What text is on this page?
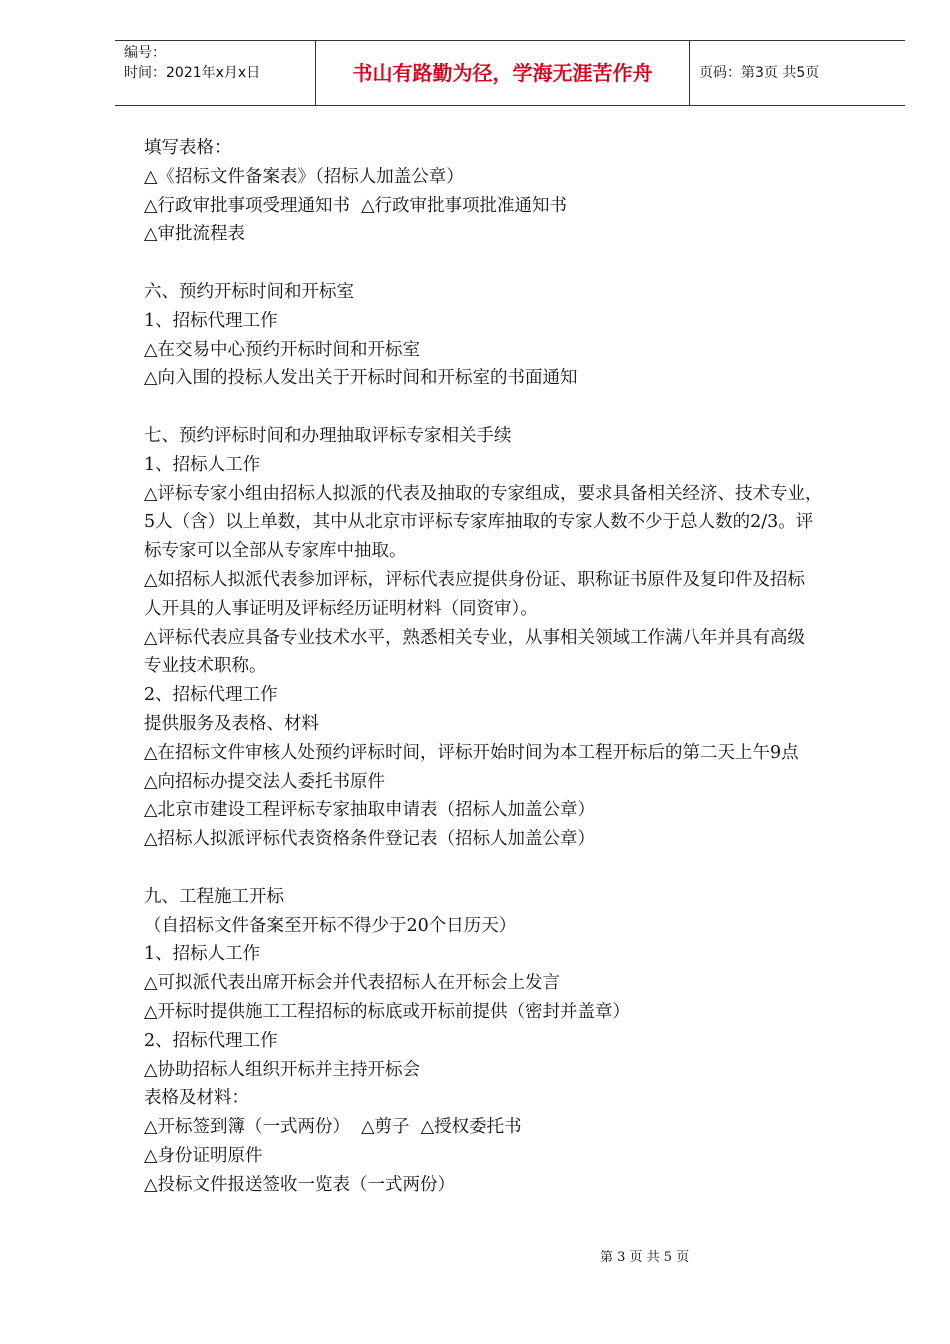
编号：
时间：2021年x月x日	书山有路勤为径，学海无涯苦作舟	页码：第3页 共5页

填写表格：

△《招标文件备案表》（招标人加盖公章）

△行政审批事项受理通知书  △行政审批事项批准通知书

△审批流程表

六、预约开标时间和开标室

1、招标代理工作

△在交易中心预约开标时间和开标室

△向入围的投标人发出关于开标时间和开标室的书面通知

七、预约评标时间和办理抽取评标专家相关手续

1、招标人工作

△评标专家小组由招标人拟派的代表及抽取的专家组成，要求具备相关经济、技术专业，

5人（含）以上单数，其中从北京市评标专家库抽取的专家人数不少于总人数的2/3。评

标专家可以全部从专家库中抽取。

△如招标人拟派代表参加评标，评标代表应提供身份证、职称证书原件及复印件及招标

人开具的人事证明及评标经历证明材料（同资审）。

△评标代表应具备专业技术水平，熟悉相关专业，从事相关领域工作满八年并具有高级

专业技术职称。

2、招标代理工作

提供服务及表格、材料

△在招标文件审核人处预约评标时间，评标开始时间为本工程开标后的第二天上午9点

△向招标办提交法人委托书原件

△北京市建设工程评标专家抽取申请表（招标人加盖公章）

△招标人拟派评标代表资格条件登记表（招标人加盖公章）

九、工程施工开标

（自招标文件备案至开标不得少于20个日历天）

1、招标人工作

△可拟派代表出席开标会并代表招标人在开标会上发言

△开标时提供施工工程招标的标底或开标前提供（密封并盖章）

2、招标代理工作

△协助招标人组织开标并主持开标会

表格及材料：

△开标签到簿（一式两份）  △剪子  △授权委托书

△身份证明原件

△投标文件报送签收一览表（一式两份）

第 3 页 共 5 页
